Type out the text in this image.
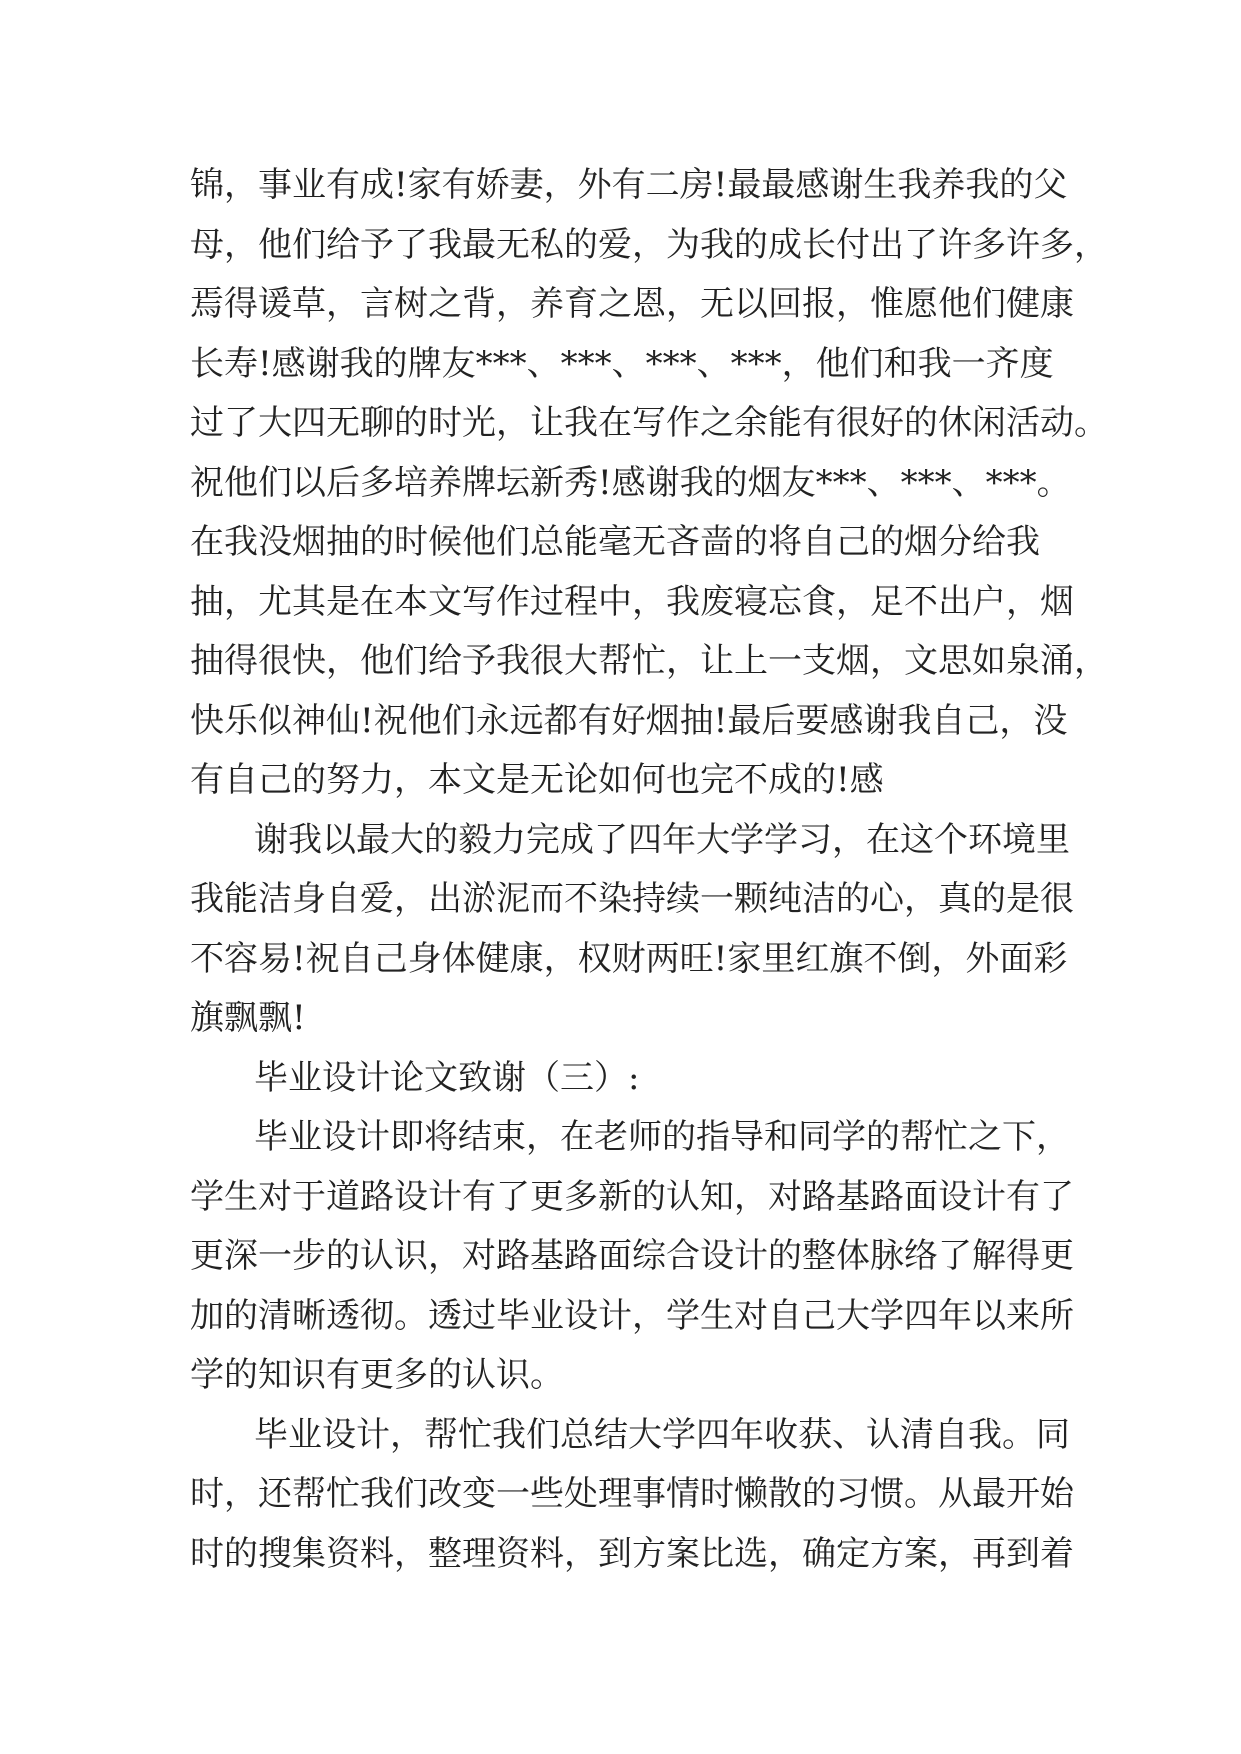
锦，事业有成!家有娇妻，外有二房!最最感谢生我养我的父
母，他们给予了我最无私的爱，为我的成长付出了许多许多，
焉得谖草，言树之背，养育之恩，无以回报，惟愿他们健康
长寿!感谢我的牌友***、***、***、***，他们和我一齐度
过了大四无聊的时光，让我在写作之余能有很好的休闲活动。
祝他们以后多培养牌坛新秀!感谢我的烟友***、***、***。
在我没烟抽的时候他们总能毫无吝啬的将自己的烟分给我
抽，尤其是在本文写作过程中，我废寝忘食，足不出户，烟
抽得很快，他们给予我很大帮忙，让上一支烟，文思如泉涌，
快乐似神仙!祝他们永远都有好烟抽!最后要感谢我自己，没
有自己的努力，本文是无论如何也完不成的!感
谢我以最大的毅力完成了四年大学学习，在这个环境里
我能洁身自爱，出淤泥而不染持续一颗纯洁的心，真的是很
不容易!祝自己身体健康，权财两旺!家里红旗不倒，外面彩
旗飘飘!
毕业设计论文致谢（三）:
毕业设计即将结束，在老师的指导和同学的帮忙之下，
学生对于道路设计有了更多新的认知，对路基路面设计有了
更深一步的认识，对路基路面综合设计的整体脉络了解得更
加的清晰透彻。透过毕业设计，学生对自己大学四年以来所
学的知识有更多的认识。
毕业设计，帮忙我们总结大学四年收获、认清自我。同
时，还帮忙我们改变一些处理事情时懒散的习惯。从最开始
时的搜集资料，整理资料，到方案比选，确定方案，再到着
